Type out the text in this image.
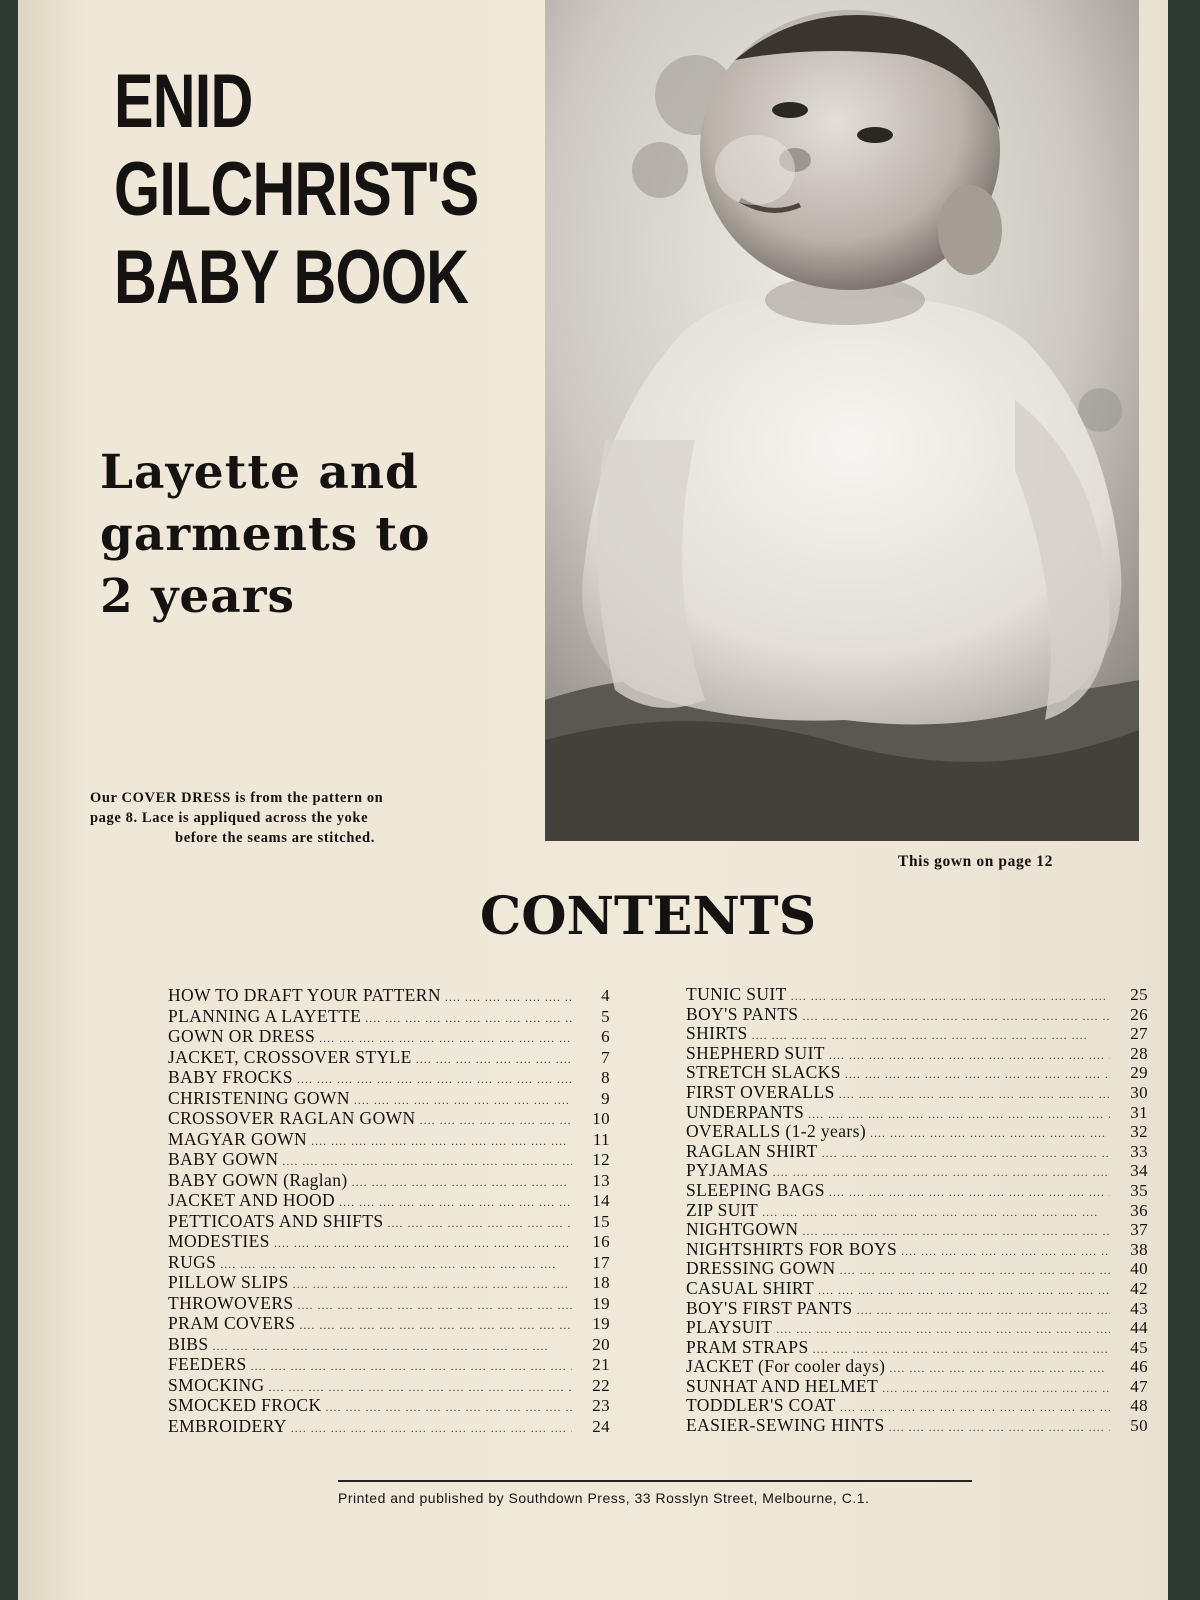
ENID
GILCHRIST'S
BABY BOOK
Layette and
garments to
2 years
Our COVER DRESS is from the pattern on
page 8. Lace is appliqued across the yoke
before the seams are stitched.
This gown on page 12
CONTENTS
HOW TO DRAFT YOUR PATTERN ....	4
PLANNING A LAYETTE ....	5
GOWN OR DRESS ....	6
JACKET, CROSSOVER STYLE ....	7
BABY FROCKS ....	8
CHRISTENING GOWN ....	9
CROSSOVER RAGLAN GOWN ....	10
MAGYAR GOWN ....	11
BABY GOWN ....	12
BABY GOWN (Raglan) ....	13
JACKET AND HOOD ....	14
PETTICOATS AND SHIFTS ....	15
MODESTIES ....	16
RUGS ....	17
PILLOW SLIPS ....	18
THROWOVERS ....	19
PRAM COVERS ....	19
BIBS ....	20
FEEDERS ....	21
SMOCKING ....	22
SMOCKED FROCK ....	23
EMBROIDERY ....	24
TUNIC SUIT ....	25
BOY'S PANTS ....	26
SHIRTS ....	27
SHEPHERD SUIT ....	28
STRETCH SLACKS ....	29
FIRST OVERALLS ....	30
UNDERPANTS ....	31
OVERALLS (1-2 years) ....	32
RAGLAN SHIRT ....	33
PYJAMAS ....	34
SLEEPING BAGS ....	35
ZIP SUIT ....	36
NIGHTGOWN ....	37
NIGHTSHIRTS FOR BOYS ....	38
DRESSING GOWN ....	40
CASUAL SHIRT ....	42
BOY'S FIRST PANTS ....	43
PLAYSUIT ....	44
PRAM STRAPS ....	45
JACKET (For cooler days) ....	46
SUNHAT AND HELMET ....	47
TODDLER'S COAT ....	48
EASIER-SEWING HINTS ....	50
Printed and published by Southdown Press, 33 Rosslyn Street, Melbourne, C.1.
